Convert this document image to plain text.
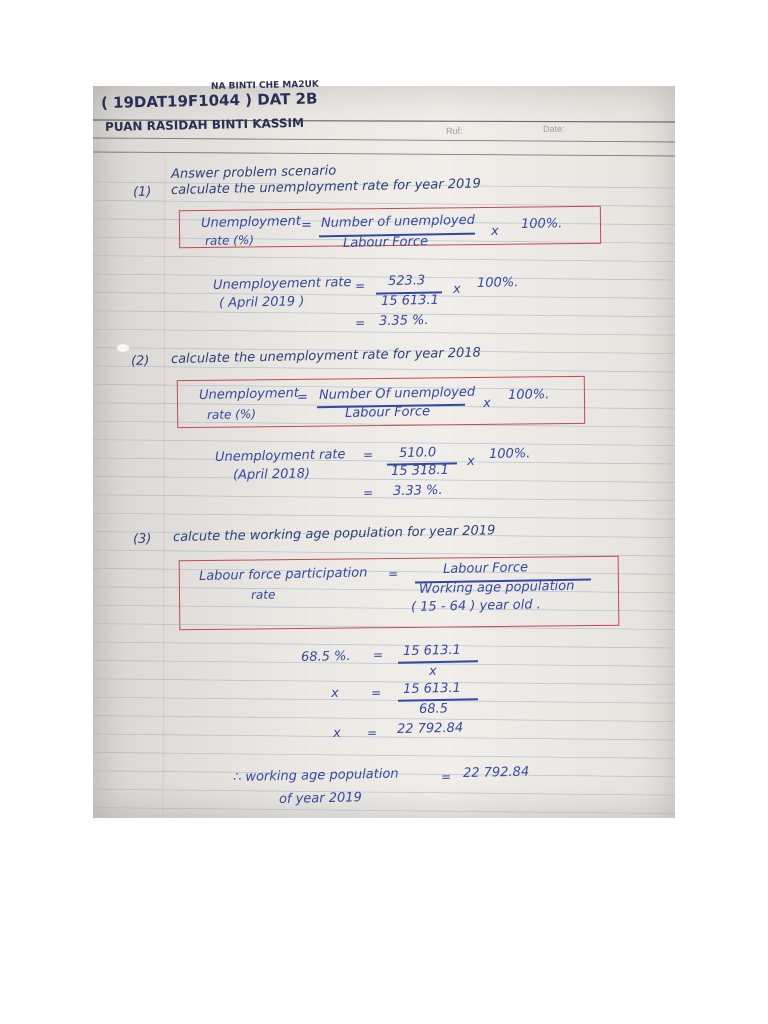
NA BINTI CHE MA2UK
( 19DAT19F1044 ) DAT 2B
PUAN RASIDAH BINTI KASSIM	Ruf:	Date:
Answer problem scenario
(1) calculate the unemployment rate for year 2019
Unemployment
rate (%)
= Number of unemployed
Labour Force
x 100%.
Unemployement rate
( April 2019 )
= 523.3
15 613.1
x 100%.
= 3.35 %.
(2) calculate the unemployment rate for year 2018
Unemployment
rate (%)
= Number Of unemployed
Labour Force
x
100%.
Unemployment rate
(April 2018)
= 510.0
15 318.1
x 100%.
= 3.33 %.
(3) calcute the working age population for year 2019
Labour force participation
rate
=	Labour Force
Working age population
( 15 - 64 ) year old .
68.5 %. = 15 613.1
x
x	= 15 613.1
68.5
x = 22 792.84
∴ working age population	= 22 792.84
of year 2019
